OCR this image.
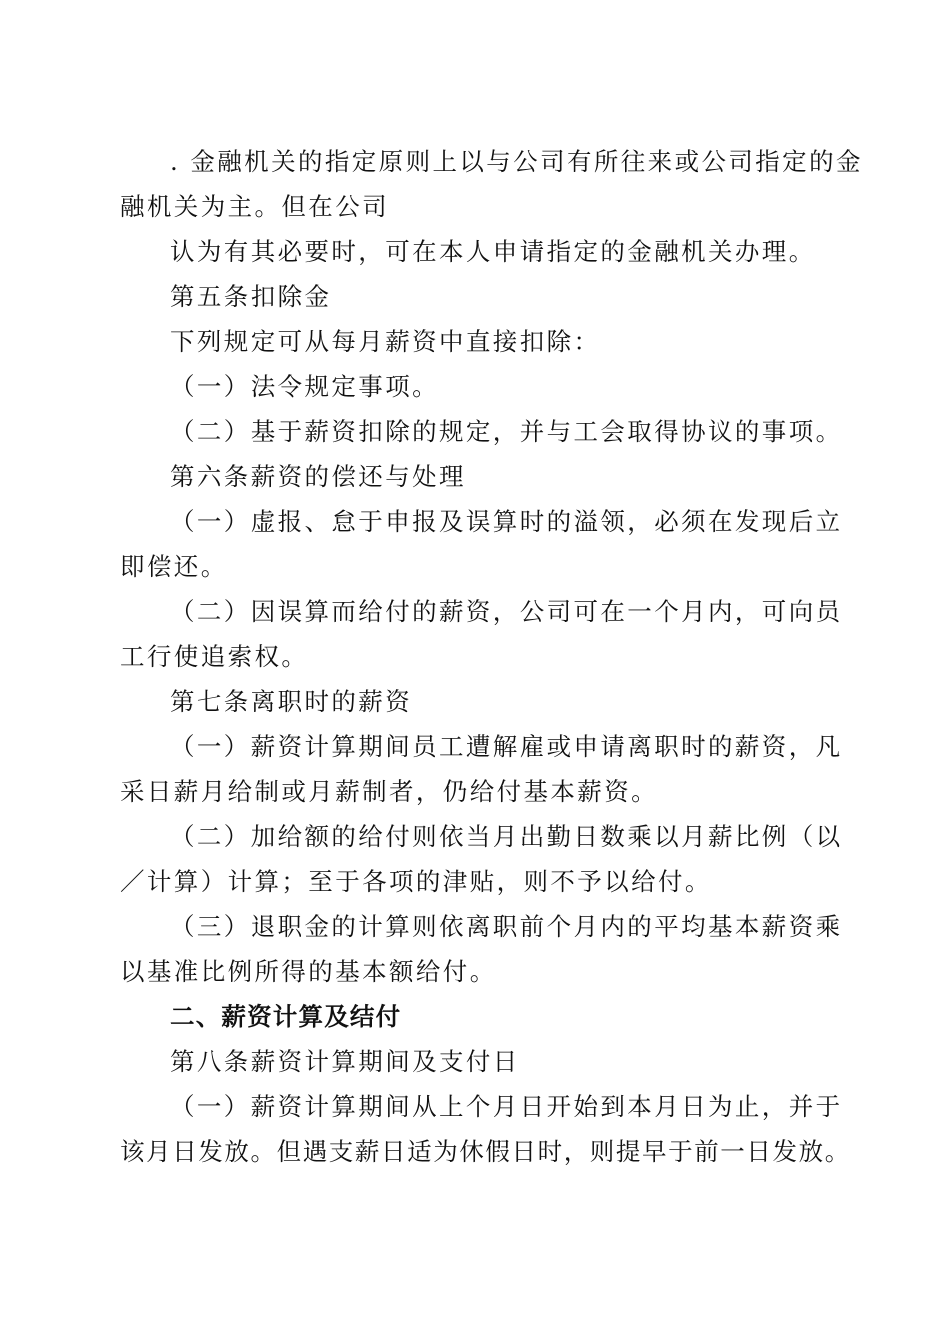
. 金融机关的指定原则上以与公司有所往来或公司指定的金
融机关为主。但在公司
认为有其必要时，可在本人申请指定的金融机关办理。
第五条扣除金
下列规定可从每月薪资中直接扣除：
（一）法令规定事项。
（二）基于薪资扣除的规定，并与工会取得协议的事项。
第六条薪资的偿还与处理
（一）虚报、怠于申报及误算时的溢领，必须在发现后立
即偿还。
（二）因误算而给付的薪资，公司可在一个月内，可向员
工行使追索权。
第七条离职时的薪资
（一）薪资计算期间员工遭解雇或申请离职时的薪资，凡
采日薪月给制或月薪制者，仍给付基本薪资。
（二）加给额的给付则依当月出勤日数乘以月薪比例（以
／计算）计算；至于各项的津贴，则不予以给付。
（三）退职金的计算则依离职前个月内的平均基本薪资乘
以基准比例所得的基本额给付。
二、薪资计算及结付
第八条薪资计算期间及支付日
（一）薪资计算期间从上个月日开始到本月日为止，并于
该月日发放。但遇支薪日适为休假日时，则提早于前一日发放。
